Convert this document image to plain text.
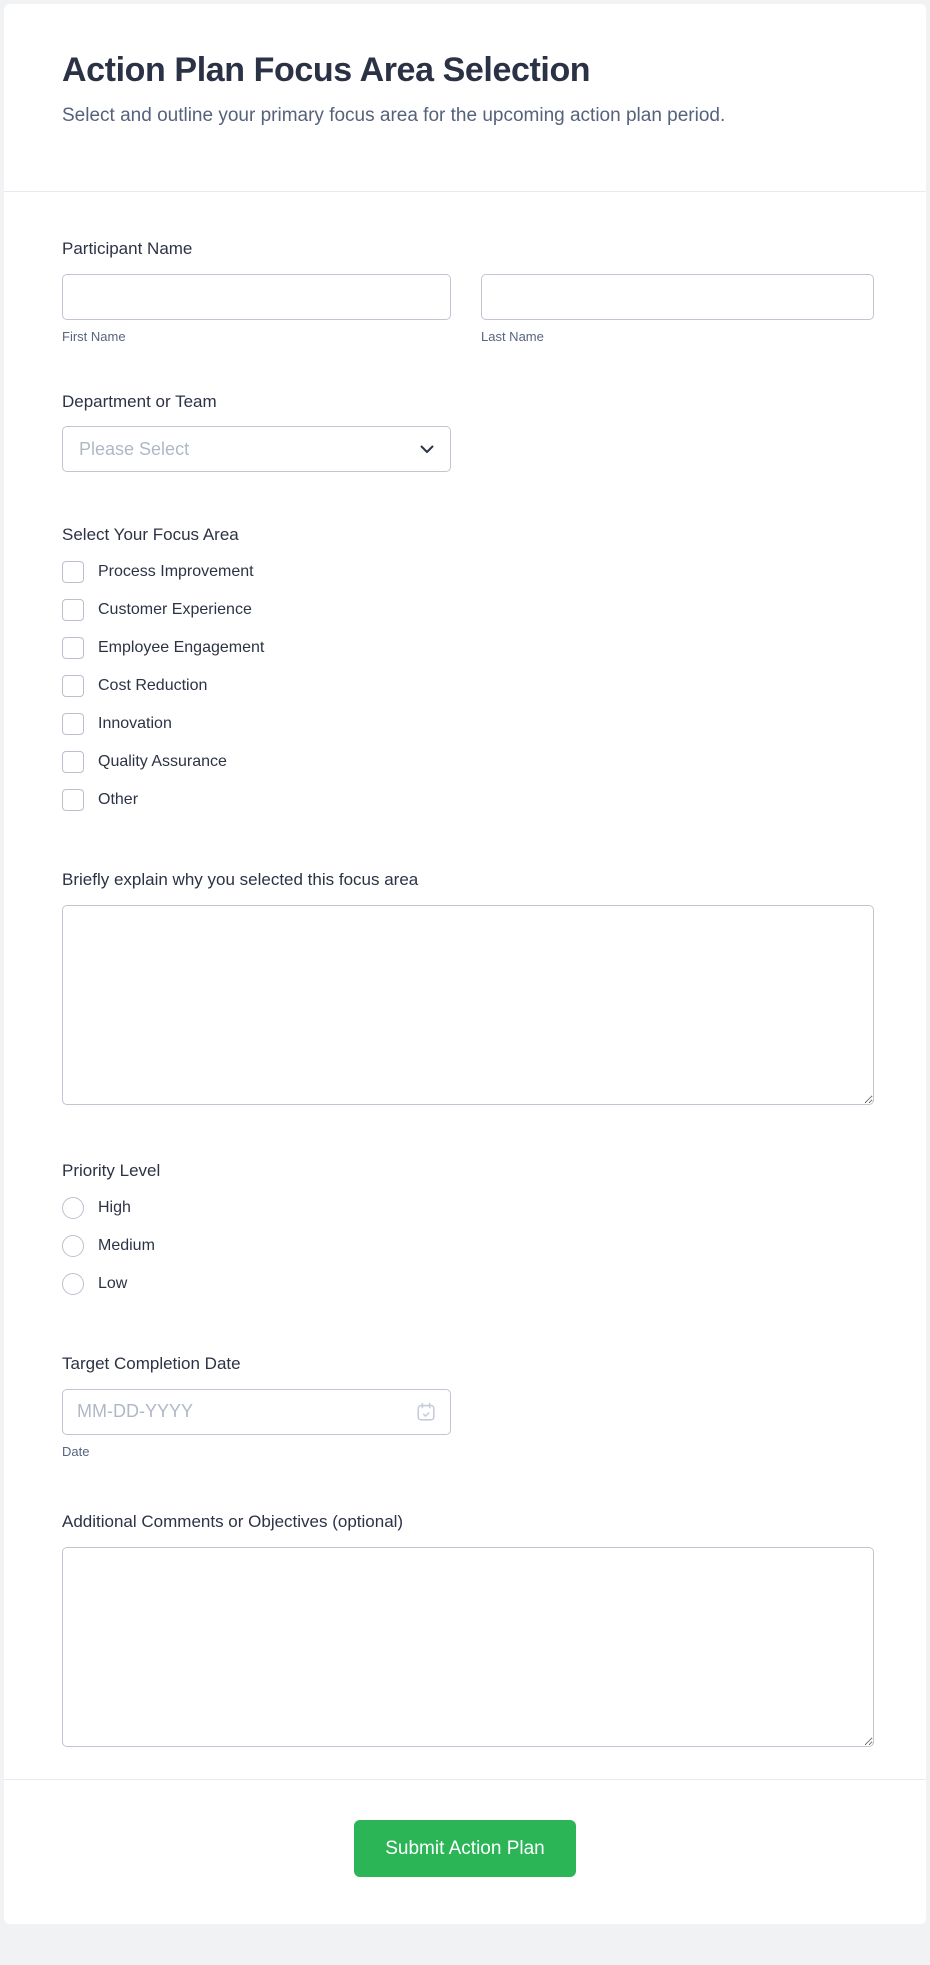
Action Plan Focus Area Selection
Select and outline your primary focus area for the upcoming action plan period.
Participant Name
First Name	Last Name
Department or Team
Please Select
Select Your Focus Area
Process Improvement
Customer Experience
Employee Engagement
Cost Reduction
Innovation
Quality Assurance
Other
Briefly explain why you selected this focus area
Priority Level
High
Medium
Low
Target Completion Date
MM-DD-YYYY
Date
Additional Comments or Objectives (optional)
Submit Action Plan
